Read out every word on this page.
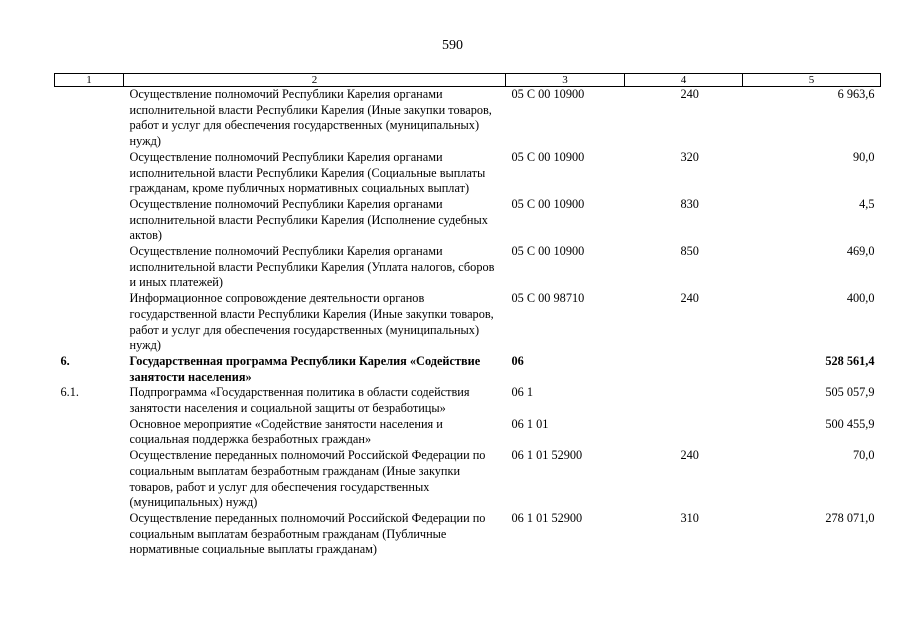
590
1	2	3	4	5
	Осуществление полномочий Республики Карелия органами исполнительной власти Республики Карелия (Иные закупки товаров, работ и услуг для обеспечения государственных (муниципальных) нужд)	05 С 00 10900	240	6 963,6
	Осуществление полномочий Республики Карелия органами исполнительной власти Республики Карелия (Социальные выплаты гражданам, кроме публичных нормативных социальных выплат)	05 С 00 10900	320	90,0
	Осуществление полномочий Республики Карелия органами исполнительной власти Республики Карелия (Исполнение судебных актов)	05 С 00 10900	830	4,5
	Осуществление полномочий Республики Карелия органами исполнительной власти Республики Карелия (Уплата налогов, сборов и иных платежей)	05 С 00 10900	850	469,0
	Информационное сопровождение деятельности органов государственной власти Республики Карелия (Иные закупки товаров, работ и услуг для обеспечения государственных (муниципальных) нужд)	05 С 00 98710	240	400,0
6.	Государственная программа Республики Карелия «Содействие занятости населения»	06		528 561,4
6.1.	Подпрограмма «Государственная политика в области содействия занятости населения и социальной защиты от безработицы»	06 1		505 057,9
	Основное мероприятие «Содействие занятости населения и социальная поддержка безработных граждан»	06 1 01		500 455,9
	Осуществление переданных полномочий Российской Федерации по социальным выплатам безработным гражданам (Иные закупки товаров, работ и услуг для обеспечения государственных (муниципальных) нужд)	06 1 01 52900	240	70,0
	Осуществление переданных полномочий Российской Федерации по социальным выплатам безработным гражданам (Публичные нормативные социальные выплаты гражданам)	06 1 01 52900	310	278 071,0
